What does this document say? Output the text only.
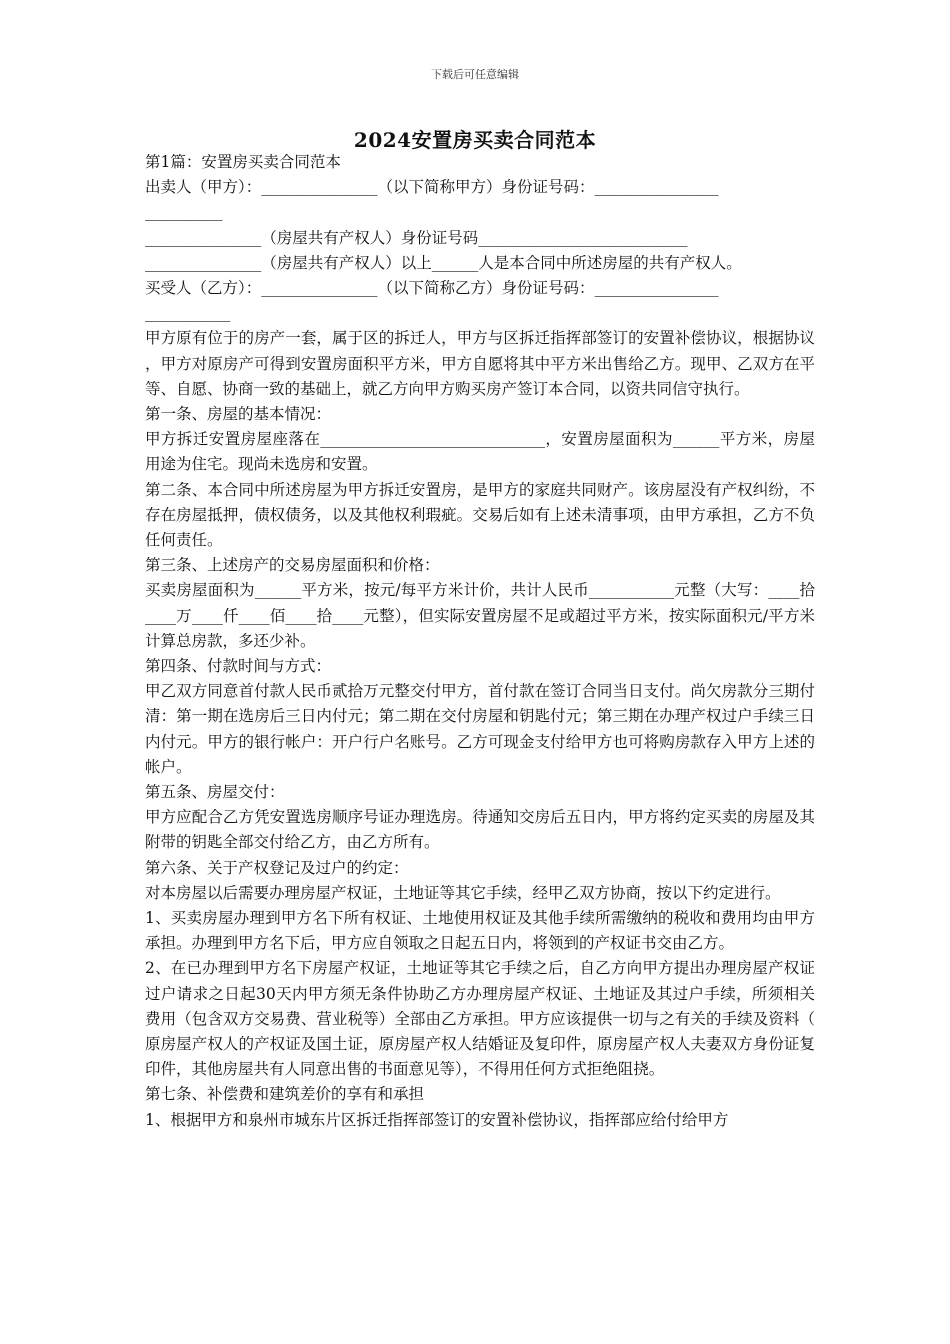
下载后可任意编辑
2024安置房买卖合同范本
第1篇：安置房买卖合同范本
出卖人（甲方）：_______________（以下简称甲方）身份证号码：________________
__________
_______________（房屋共有产权人）身份证号码___________________________
_______________（房屋共有产权人）以上______人是本合同中所述房屋的共有产权人。
买受人（乙方）：_______________（以下简称乙方）身份证号码：________________
___________
甲方原有位于的房产一套，属于区的拆迁人，甲方与区拆迁指挥部签订的安置补偿协议，根据协议，甲方对原房产可得到安置房面积平方米，甲方自愿将其中平方米出售给乙方。现甲、乙双方在平等、自愿、协商一致的基础上，就乙方向甲方购买房产签订本合同，以资共同信守执行。
第一条、房屋的基本情况：
甲方拆迁安置房屋座落在_____________________________，安置房屋面积为______平方米，房屋用途为住宅。现尚未选房和安置。
第二条、本合同中所述房屋为甲方拆迁安置房，是甲方的家庭共同财产。该房屋没有产权纠纷，不存在房屋抵押，债权债务，以及其他权利瑕疵。交易后如有上述未清事项，由甲方承担，乙方不负任何责任。
第三条、上述房产的交易房屋面积和价格：
买卖房屋面积为______平方米，按元/每平方米计价，共计人民币___________元整（大写：____拾____万____仟____佰____拾____元整），但实际安置房屋不足或超过平方米，按实际面积元/平方米计算总房款，多还少补。
第四条、付款时间与方式：
甲乙双方同意首付款人民币贰拾万元整交付甲方，首付款在签订合同当日支付。尚欠房款分三期付清：第一期在选房后三日内付元；第二期在交付房屋和钥匙付元；第三期在办理产权过户手续三日内付元。甲方的银行帐户：开户行户名账号。乙方可现金支付给甲方也可将购房款存入甲方上述的帐户。
第五条、房屋交付：
甲方应配合乙方凭安置选房顺序号证办理选房。待通知交房后五日内，甲方将约定买卖的房屋及其附带的钥匙全部交付给乙方，由乙方所有。
第六条、关于产权登记及过户的约定：
对本房屋以后需要办理房屋产权证，土地证等其它手续，经甲乙双方协商，按以下约定进行。
1、买卖房屋办理到甲方名下所有权证、土地使用权证及其他手续所需缴纳的税收和费用均由甲方承担。办理到甲方名下后，甲方应自领取之日起五日内，将领到的产权证书交由乙方。
2、在已办理到甲方名下房屋产权证，土地证等其它手续之后，自乙方向甲方提出办理房屋产权证过户请求之日起30天内甲方须无条件协助乙方办理房屋产权证、土地证及其过户手续，所须相关费用（包含双方交易费、营业税等）全部由乙方承担。甲方应该提供一切与之有关的手续及资料（原房屋产权人的产权证及国土证，原房屋产权人结婚证及复印件，原房屋产权人夫妻双方身份证复印件，其他房屋共有人同意出售的书面意见等），不得用任何方式拒绝阻挠。
第七条、补偿费和建筑差价的享有和承担
1、根据甲方和泉州市城东片区拆迁指挥部签订的安置补偿协议，指挥部应给付给甲方
